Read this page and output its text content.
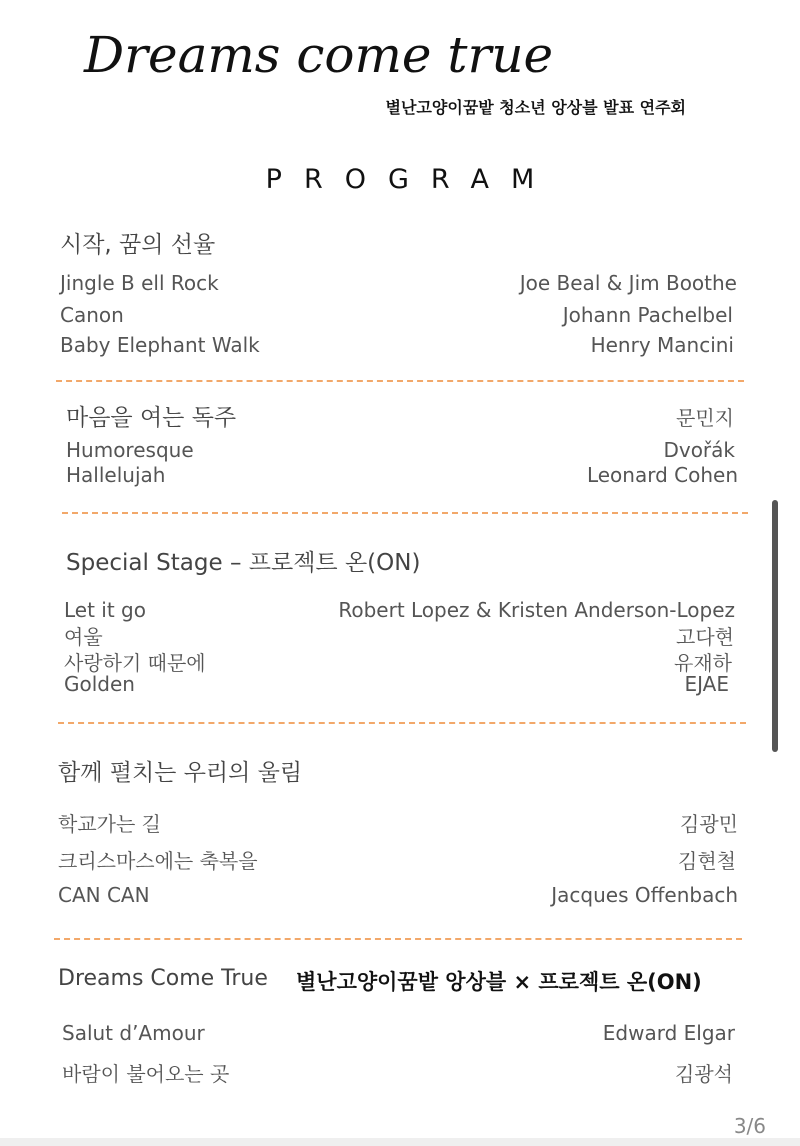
Dreams come true
별난고양이꿈밭 청소년 앙상블 발표 연주회
PROGRAM
시작, 꿈의 선율
Jingle B ell Rock	Joe Beal & Jim Boothe
Canon	Johann Pachelbel
Baby Elephant Walk	Henry Mancini
마음을 여는 독주	문민지
Humoresque	Dvořák
Hallelujah	Leonard Cohen
Special Stage – 프로젝트 온(ON)
Let it go	Robert Lopez & Kristen Anderson-Lopez
여울	고다현
사랑하기 때문에	유재하
Golden	EJAE
함께 펼치는 우리의 울림
학교가는 길	김광민
크리스마스에는 축복을	김현철
CAN CAN	Jacques Offenbach
Dreams Come True 별난고양이꿈밭 앙상블 × 프로젝트 온(ON)
Salut d’Amour	Edward Elgar
바람이 불어오는 곳	김광석
3/6
